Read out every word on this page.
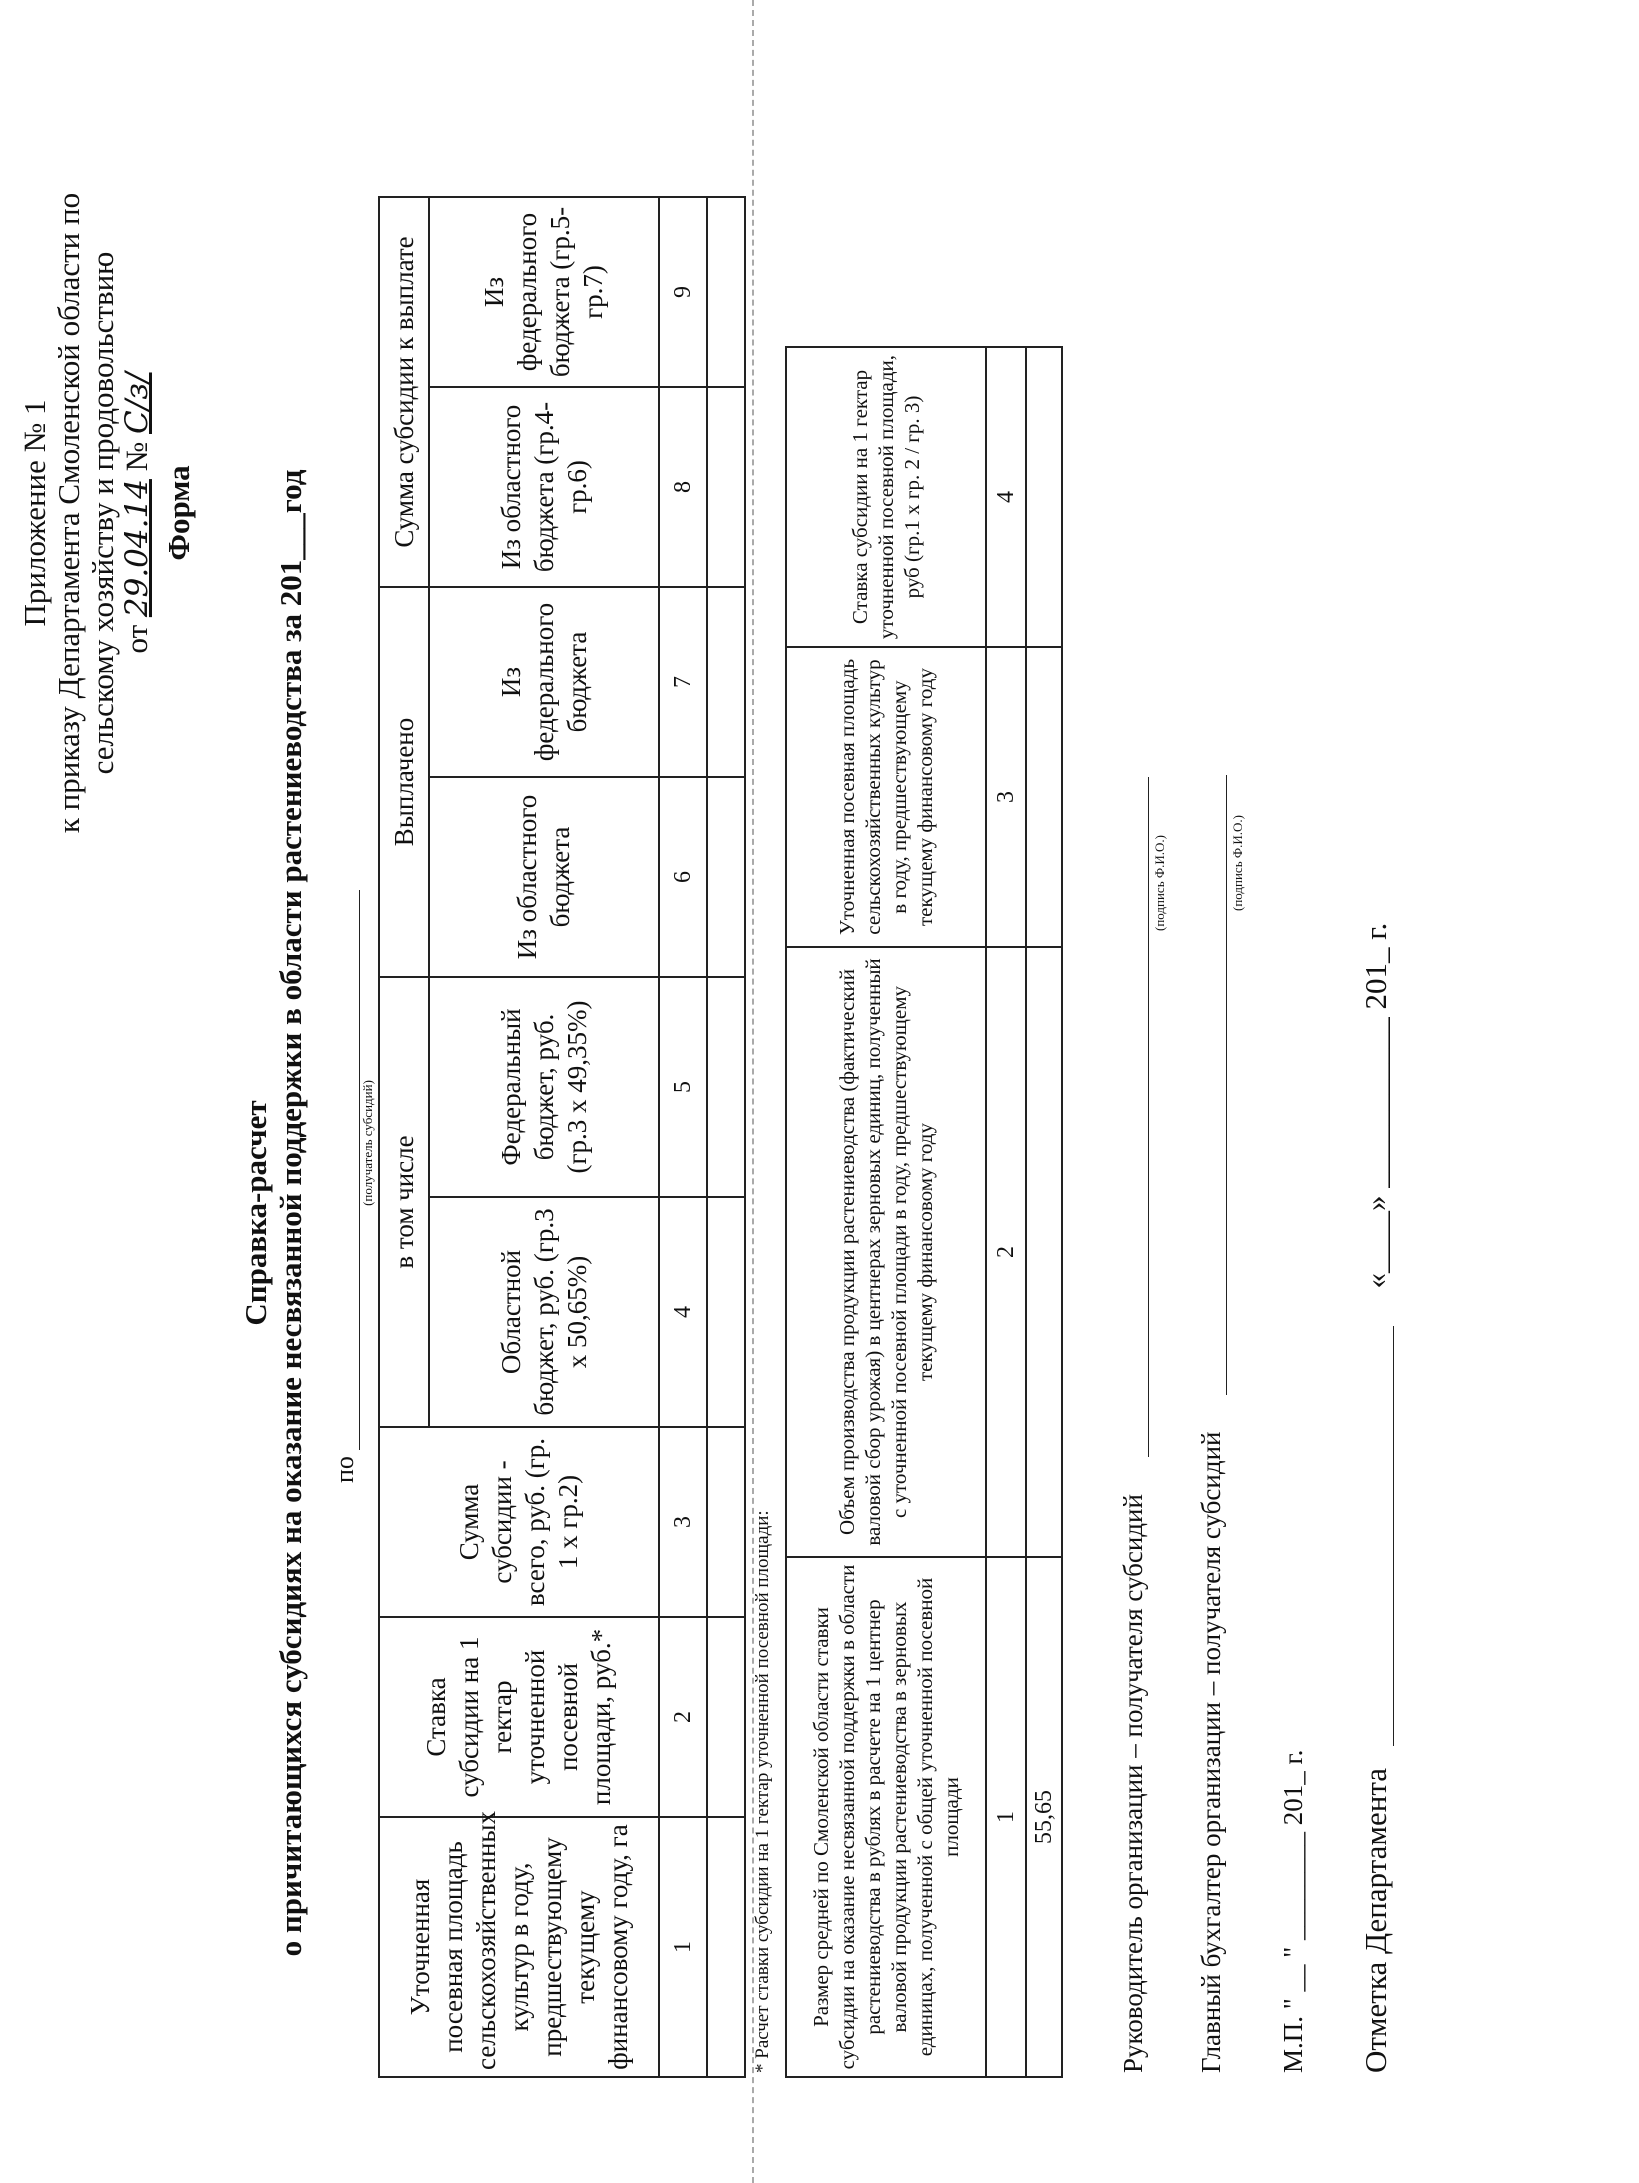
Приложение № 1 к приказу Департамента Смоленской области по сельскому хозяйству и продовольствию от 29.04.14 № С/з/
Форма
Справка-расчет о причитающихся субсидиях на оказание несвязанной поддержки в области растениеводства за 201___год по
(получатель субсидий)
Уточненная посевная площадь сельскохозяйственных культур в году, предшествующему текущему финансовому году, га	Ставка субсидии на 1 гектар уточненной посевной площади, руб.*	Сумма субсидии - всего, руб. (гр. 1 х гр.2)	в том числе		Выплачено		Сумма субсидии к выплате		
			Областной бюджет, руб. (гр.3 х 50,65%)	Федеральный бюджет, руб. (гр.3 х 49,35%)	Из областного бюджета	Из федерального бюджета	Из областного бюджета (гр.4-гр.6)	Из федерального бюджета (гр.5- гр.7)	
1	2	3	4	5	6	7	8	9	

* Расчет ставки субсидии на 1 гектар уточненной посевной площади: Размер средней по Смоленской области ставки субсидии на оказание несвязанной поддержки в области растениеводства в рублях в расчете на 1 центнер валовой продукции растениеводства в зерновых единицах, полученной с общей уточненной посевной площади	Объем производства продукции растениеводства (фактический валовой сбор урожая) в центнерах зерновых единиц, полученный с уточненной посевной площади в году, предшествующему текущему финансовому году	Уточненная посевная площадь сельскохозяйственных культур в году, предшествующему текущему финансовому году	Ставка субсидии на 1 гектар уточненной посевной площади, руб (гр.1 х гр. 2 / гр. 3)	
1	2	3	4	
55,65				Руководитель организации – получателя субсидий
(подпись Ф.И.О.)
Главный бухгалтер организации – получателя субсидий
(подпись Ф.И.О.)
М.П. " __ " ________ 201_ г. Отметка Департамента  «____» ___________ 201_ г.
